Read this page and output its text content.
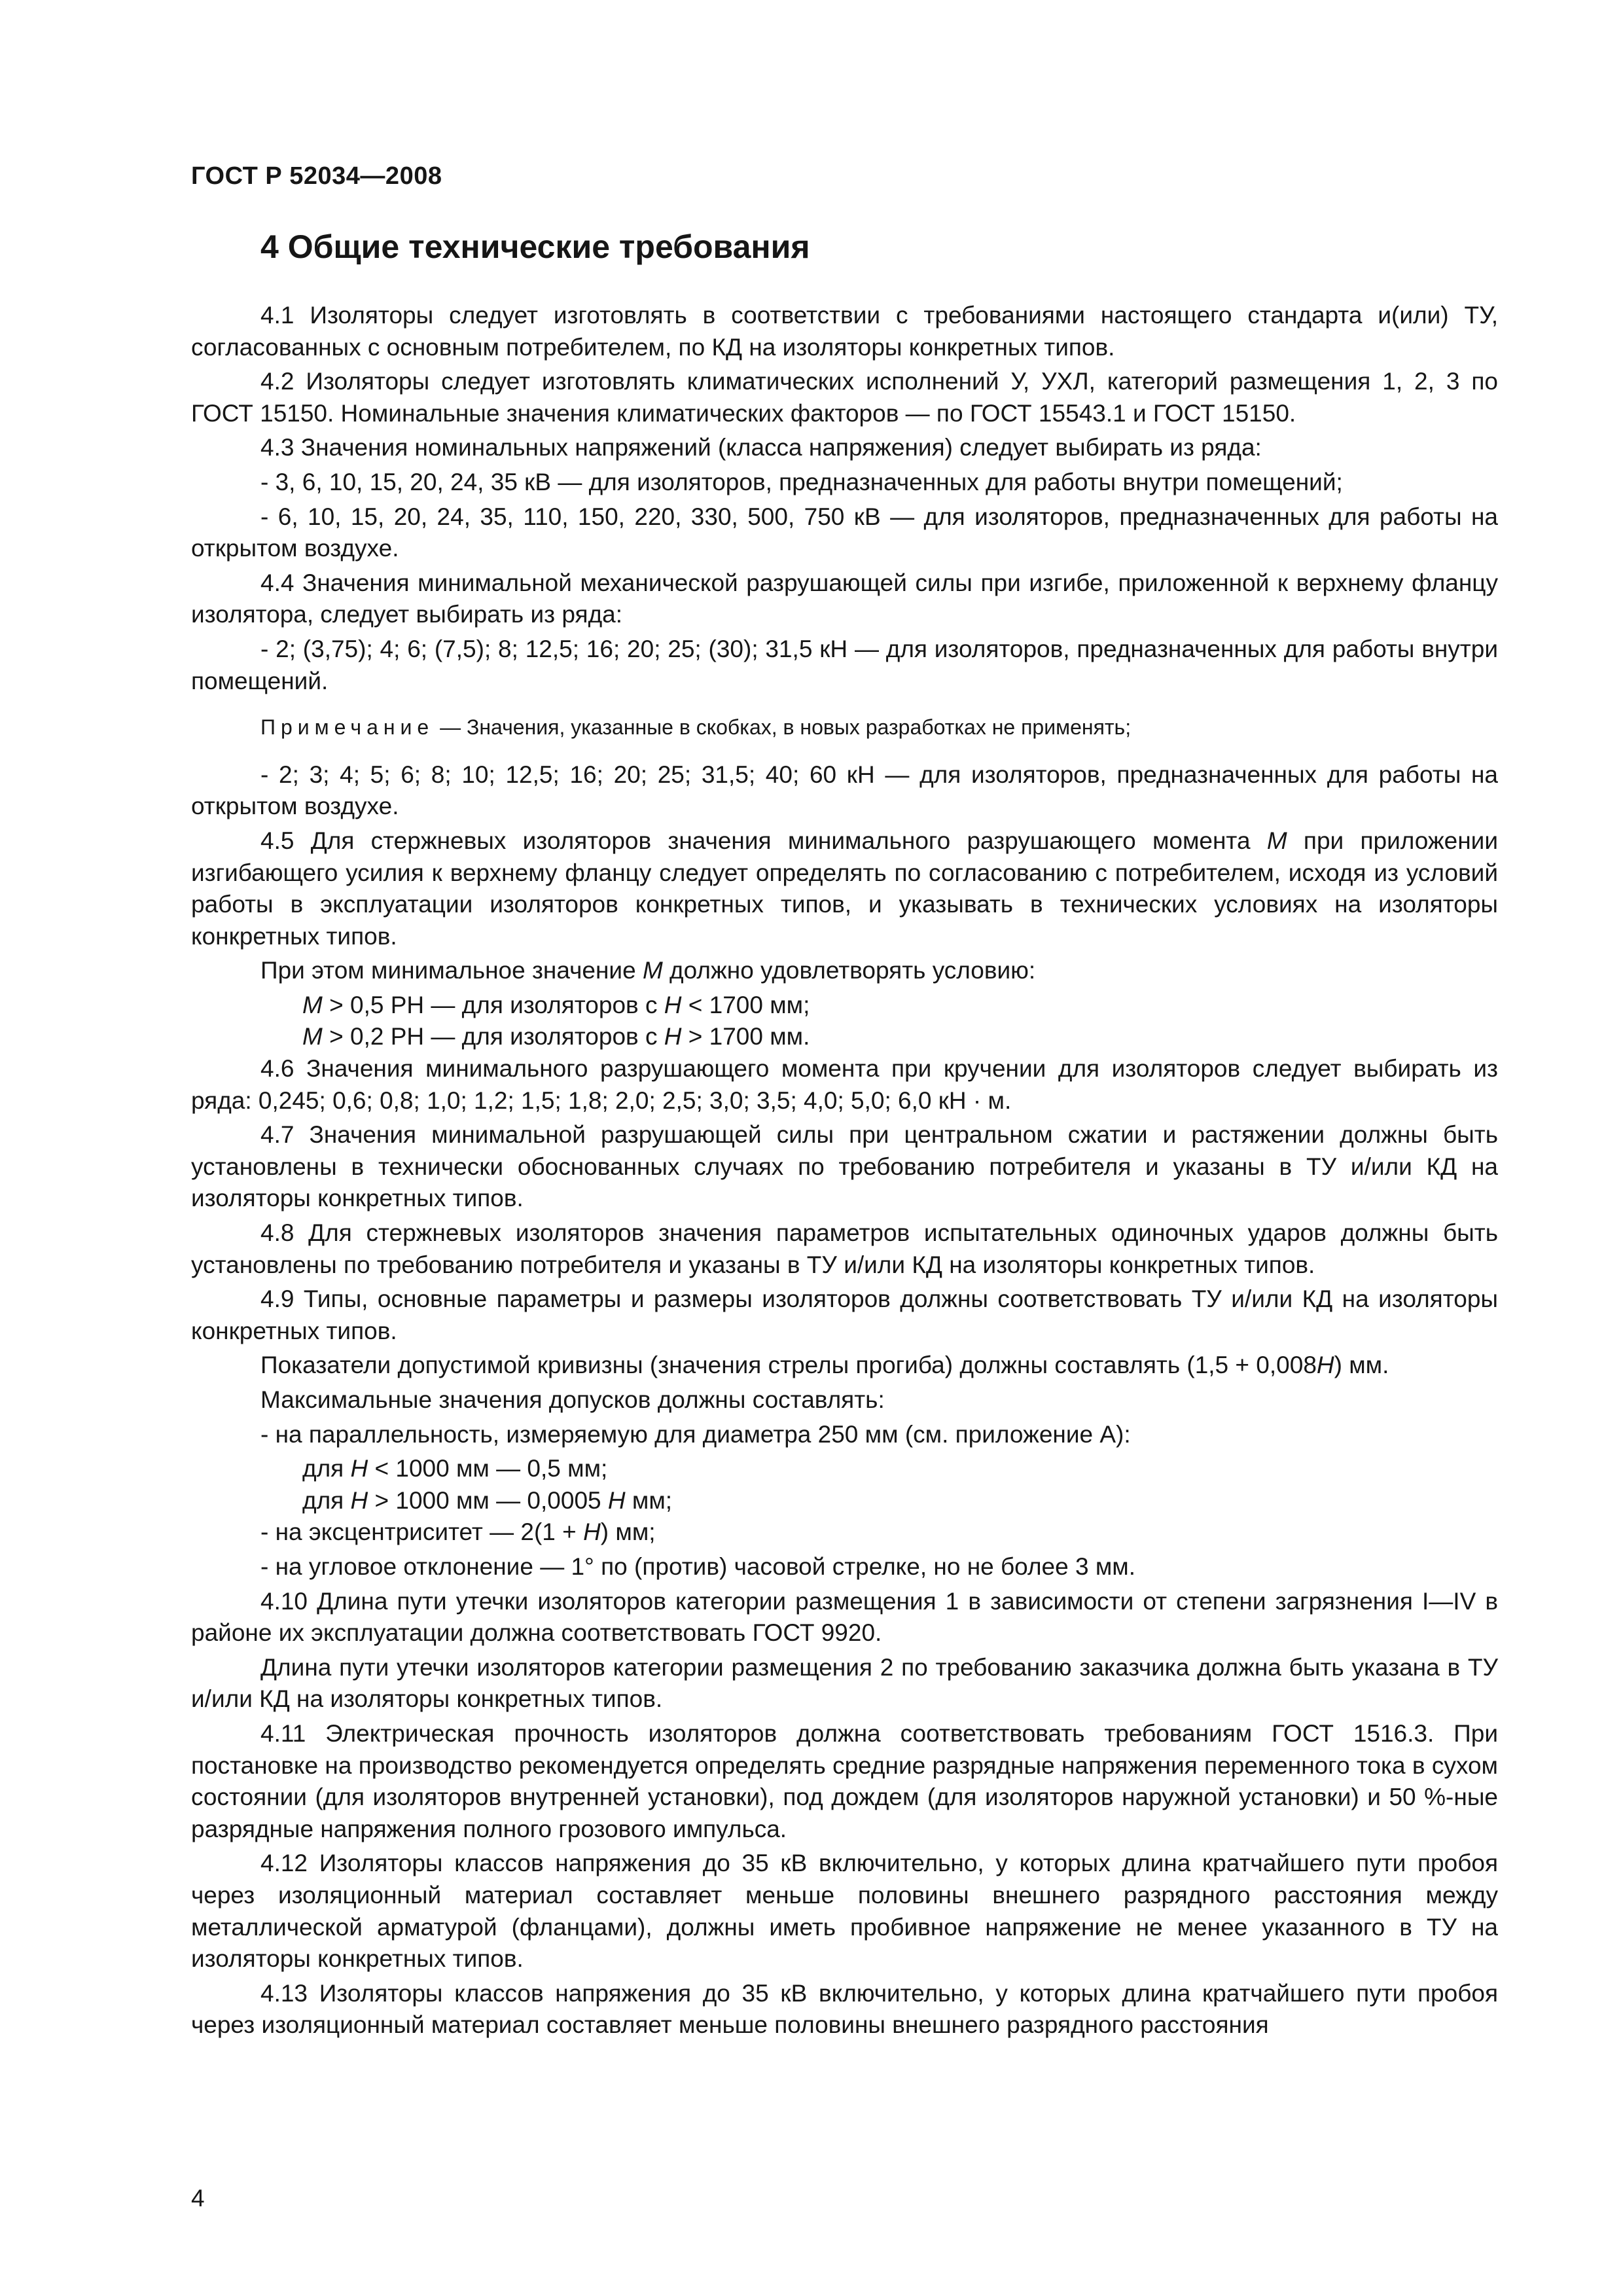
ГОСТ Р 52034—2008
4 Общие технические требования

4.1 Изоляторы следует изготовлять в соответствии с требованиями настоящего стандарта и(или) ТУ, согласованных с основным потребителем, по КД на изоляторы конкретных типов.

4.2 Изоляторы следует изготовлять климатических исполнений У, УХЛ, категорий размещения 1, 2, 3 по ГОСТ 15150. Номинальные значения климатических факторов — по ГОСТ 15543.1 и ГОСТ 15150.

4.3 Значения номинальных напряжений (класса напряжения) следует выбирать из ряда:

- 3, 6, 10, 15, 20, 24, 35 кВ — для изоляторов, предназначенных для работы внутри помещений;

- 6, 10, 15, 20, 24, 35, 110, 150, 220, 330, 500, 750 кВ — для изоляторов, предназначенных для работы на открытом воздухе.

4.4 Значения минимальной механической разрушающей силы при изгибе, приложенной к верхнему фланцу изолятора, следует выбирать из ряда:

- 2; (3,75); 4; 6; (7,5); 8; 12,5; 16; 20; 25; (30); 31,5 кН — для изоляторов, предназначенных для работы внутри помещений.

Примечание — Значения, указанные в скобках, в новых разработках не применять;

- 2; 3; 4; 5; 6; 8; 10; 12,5; 16; 20; 25; 31,5; 40; 60 кН — для изоляторов, предназначенных для работы на открытом воздухе.

4.5 Для стержневых изоляторов значения минимального разрушающего момента М при приложении изгибающего усилия к верхнему фланцу следует определять по согласованию с потребителем, исходя из условий работы в эксплуатации изоляторов конкретных типов, и указывать в технических условиях на изоляторы конкретных типов.

При этом минимальное значение М должно удовлетворять условию:

М > 0,5 РН — для изоляторов с Н < 1700 мм;

М > 0,2 РН — для изоляторов с Н > 1700 мм.

4.6 Значения минимального разрушающего момента при кручении для изоляторов следует выбирать из ряда: 0,245; 0,6; 0,8; 1,0; 1,2; 1,5; 1,8; 2,0; 2,5; 3,0; 3,5; 4,0; 5,0; 6,0 кН · м.

4.7 Значения минимальной разрушающей силы при центральном сжатии и растяжении должны быть установлены в технически обоснованных случаях по требованию потребителя и указаны в ТУ и/или КД на изоляторы конкретных типов.

4.8 Для стержневых изоляторов значения параметров испытательных одиночных ударов должны быть установлены по требованию потребителя и указаны в ТУ и/или КД на изоляторы конкретных типов.

4.9 Типы, основные параметры и размеры изоляторов должны соответствовать ТУ и/или КД на изоляторы конкретных типов.

Показатели допустимой кривизны (значения стрелы прогиба) должны составлять (1,5 + 0,008Н) мм.

Максимальные значения допусков должны составлять:

- на параллельность, измеряемую для диаметра 250 мм (см. приложение А):

для Н < 1000 мм — 0,5 мм;

для Н > 1000 мм — 0,0005 Н мм;

- на эксцентриситет — 2(1 + Н) мм;

- на угловое отклонение — 1° по (против) часовой стрелке, но не более 3 мм.

4.10 Длина пути утечки изоляторов категории размещения 1 в зависимости от степени загрязнения I—IV в районе их эксплуатации должна соответствовать ГОСТ 9920.

Длина пути утечки изоляторов категории размещения 2 по требованию заказчика должна быть указана в ТУ и/или КД на изоляторы конкретных типов.

4.11 Электрическая прочность изоляторов должна соответствовать требованиям ГОСТ 1516.3. При постановке на производство рекомендуется определять средние разрядные напряжения переменного тока в сухом состоянии (для изоляторов внутренней установки), под дождем (для изоляторов наружной установки) и 50 %-ные разрядные напряжения полного грозового импульса.

4.12 Изоляторы классов напряжения до 35 кВ включительно, у которых длина кратчайшего пути пробоя через изоляционный материал составляет меньше половины внешнего разрядного расстояния между металлической арматурой (фланцами), должны иметь пробивное напряжение не менее указанного в ТУ на изоляторы конкретных типов.

4.13 Изоляторы классов напряжения до 35 кВ включительно, у которых длина кратчайшего пути пробоя через изоляционный материал составляет меньше половины внешнего разрядного расстояния

4
